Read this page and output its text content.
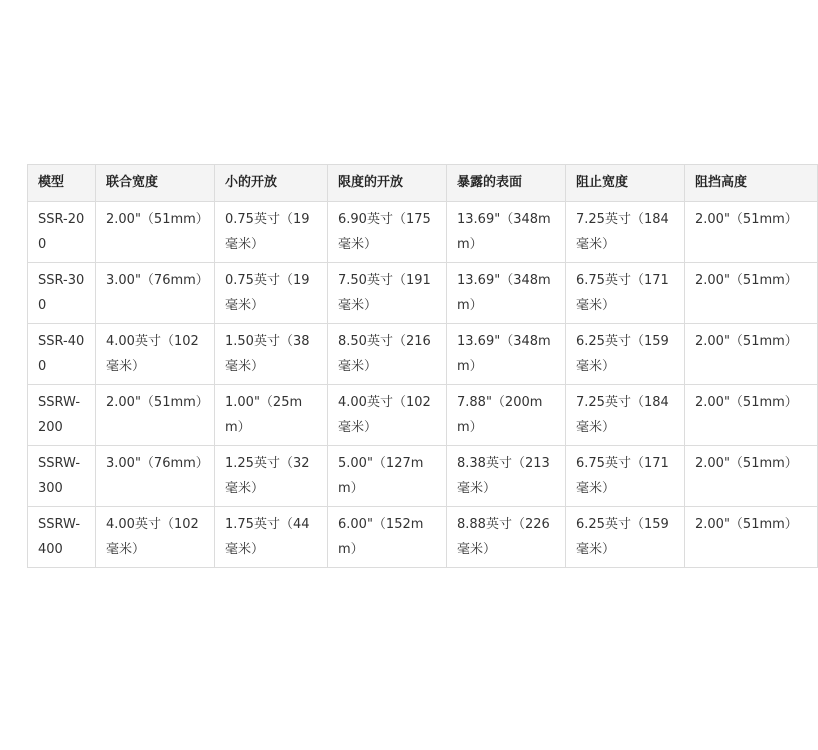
模型	联合宽度	小的开放	限度的开放	暴露的表面	阻止宽度	阻挡高度
SSR-200	2.00"（51mm）	0.75英寸（19毫米）	6.90英寸（175毫米）	13.69"（348mm）	7.25英寸（184毫米）	2.00"（51mm）
SSR-300	3.00"（76mm）	0.75英寸（19毫米）	7.50英寸（191毫米）	13.69"（348mm）	6.75英寸（171毫米）	2.00"（51mm）
SSR-400	4.00英寸（102毫米）	1.50英寸（38毫米）	8.50英寸（216毫米）	13.69"（348mm）	6.25英寸（159毫米）	2.00"（51mm）
SSRW-200	2.00"（51mm）	1.00"（25mm）	4.00英寸（102毫米）	7.88"（200mm）	7.25英寸（184毫米）	2.00"（51mm）
SSRW-300	3.00"（76mm）	1.25英寸（32毫米）	5.00"（127mm）	8.38英寸（213毫米）	6.75英寸（171毫米）	2.00"（51mm）
SSRW-400	4.00英寸（102毫米）	1.75英寸（44毫米）	6.00"（152mm）	8.88英寸（226毫米）	6.25英寸（159毫米）	2.00"（51mm）
